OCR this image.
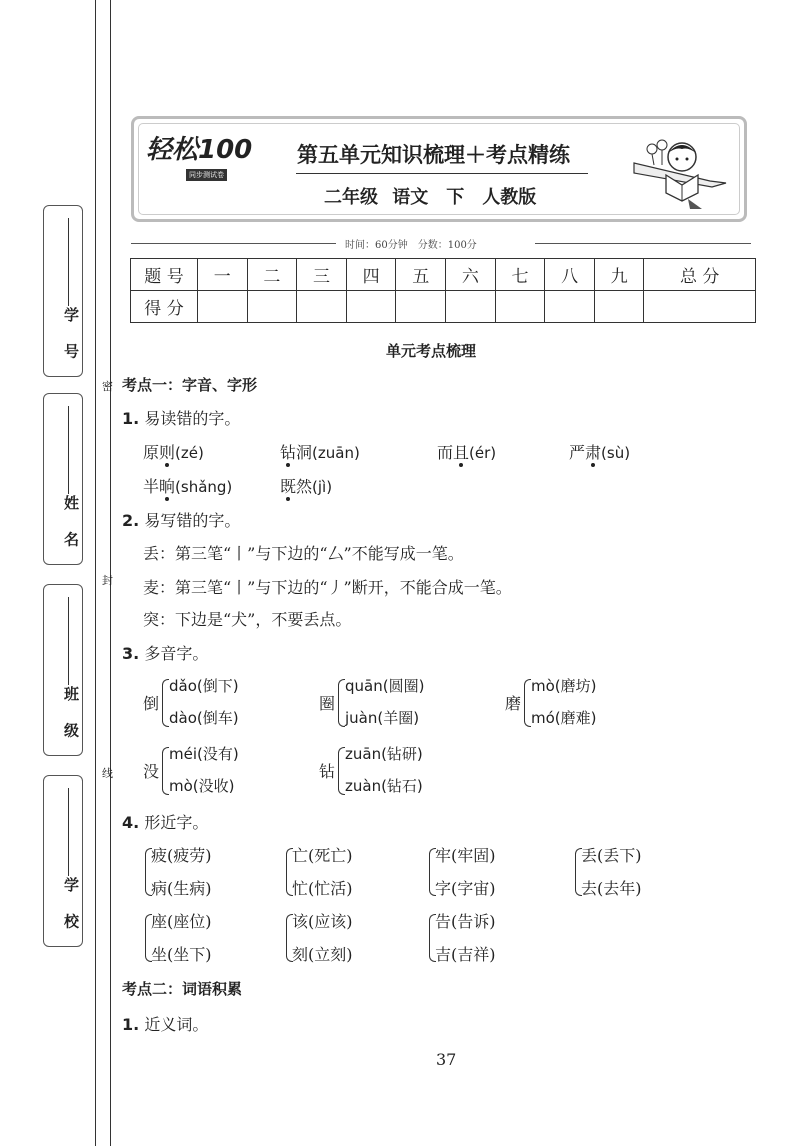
学 号
姓 名
班 级
学 校
密
封
线
轻松100
同步测试卷
第五单元知识梳理＋考点精练
二年级 语文　下　人教版
时间：60分钟　分数：100分
题 号	一	二	三	四	五	六	七	八	九	总 分
得 分										
单元考点梳理
考点一：字音、字形
1. 易读错的字。
原则(zé)	钻洞(zuān)	而且(ér)	严肃(sù)
半晌(shǎng)	既然(jì)
2. 易写错的字。
丢：第三笔“丨”与下边的“厶”不能写成一笔。
麦：第三笔“丨”与下边的“丿”断开，不能合成一笔。
突：下边是“犬”，不要丢点。
3. 多音字。
倒
dǎo(倒下)
dào(倒车)
圈
quān(圆圈)
juàn(羊圈)
磨
mò(磨坊)
mó(磨难)
没
méi(没有)
mò(没收)
钻
zuān(钻研)
zuàn(钻石)
4. 形近字。
疲(疲劳)
病(生病)
亡(死亡)
忙(忙活)
牢(牢固)
字(字宙)
丢(丢下)
去(去年)
座(座位)
坐(坐下)
该(应该)
刻(立刻)
告(告诉)
吉(吉祥)
考点二：词语积累
1. 近义词。
37
